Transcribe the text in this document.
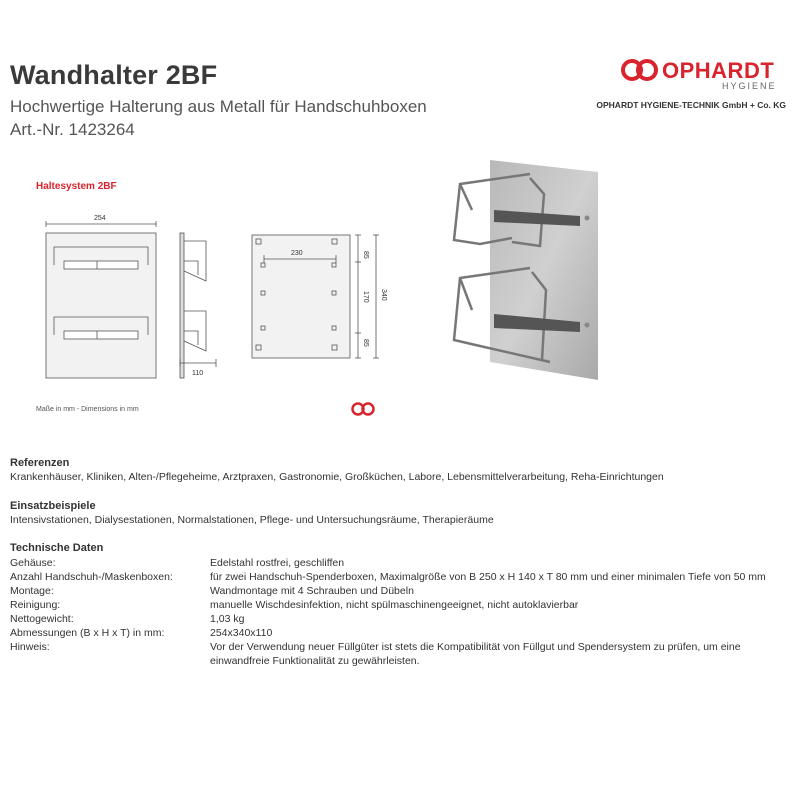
Wandhalter 2BF
Hochwertige Halterung aus Metall für Handschuhboxen
Art.-Nr. 1423264
OPHARDT
HYGIENE
OPHARDT HYGIENE-TECHNIK GmbH + Co. KG
Haltesystem 2BF
254
110
230	85
170
85
340
Maße in mm - Dimensions in mm
Referenzen
Krankenhäuser, Kliniken, Alten-/Pflegeheime, Arztpraxen, Gastronomie, Großküchen, Labore, Lebensmittelverarbeitung, Reha-Einrichtungen
Einsatzbeispiele
Intensivstationen, Dialysestationen, Normalstationen, Pflege- und Untersuchungsräume, Therapieräume
Technische Daten
Gehäuse:	Edelstahl rostfrei, geschliffen
Anzahl Handschuh-/Maskenboxen:	für zwei Handschuh-Spenderboxen, Maximalgröße von B 250 x H 140 x T 80 mm und einer minimalen Tiefe von 50 mm
Montage:	Wandmontage mit 4 Schrauben und Dübeln
Reinigung:	manuelle Wischdesinfektion, nicht spülmaschinengeeignet, nicht autoklavierbar
Nettogewicht:	1,03 kg
Abmessungen (B x H x T) in mm:	254x340x110
Hinweis:	Vor der Verwendung neuer Füllgüter ist stets die Kompatibilität von Füllgut und Spendersystem zu prüfen, um eine einwandfreie Funktionalität zu gewährleisten.
